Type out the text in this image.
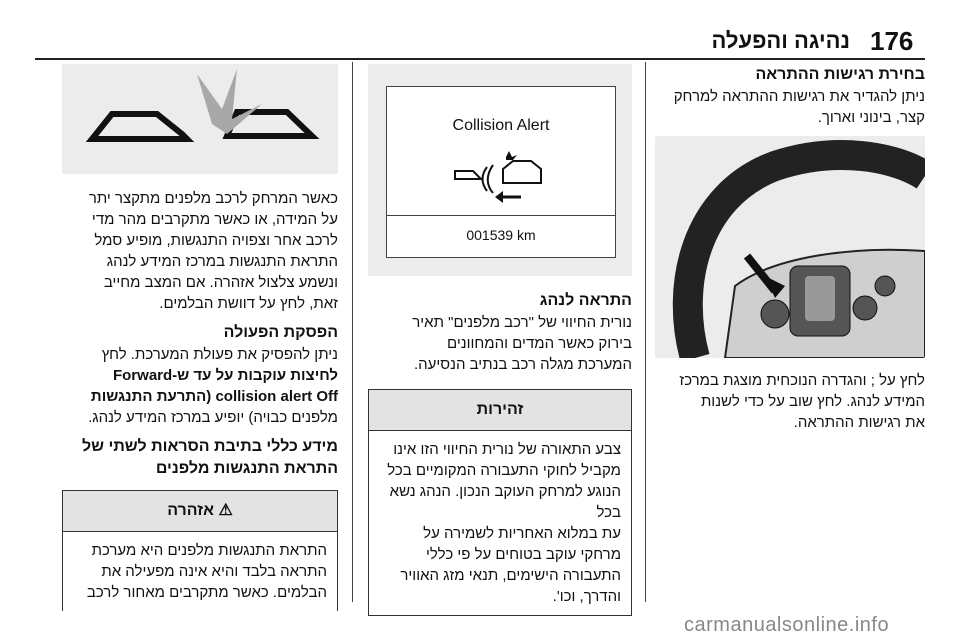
176
נהיגה והפעלה

בחירת רגישות ההתראה

ניתן להגדיר את רגישות ההתראה למרחק

קצר, בינוני וארוך.

לחץ על ; והגדרה הנוכחית מוצגת במרכז

המידע לנהג. לחץ שוב על כדי לשנות

את רגישות ההתראה.

Collision Alert
001539 km

התראה לנהג

נורית החיווי של "רכב מלפנים" תאיר

בירוק כאשר המדים והמחוונים

המערכת מגלה רכב בנתיב הנסיעה.

זהירות

צבע התאורה של נורית החיווי הזו אינו

מקביל לחוקי התעבורה המקומיים בכל

הנוגע למרחק העוקב הנכון. הנהג נשא בכל

עת במלוא האחריות לשמירה על

מרחקי עוקב בטוחים על פי כללי

התעבורה הישימים, תנאי מזג האוויר

והדרך, וכו'.

כאשר המרחק לרכב מלפנים מתקצר יתר

על המידה, או כאשר מתקרבים מהר מדי

לרכב אחר וצפויה התנגשות, מופיע סמל

התראת התנגשות במרכז המידע לנהג

ונשמע צלצול אזהרה. אם המצב מחייב

זאת, לחץ על דוושת הבלמים.

הפסקת הפעולה

ניתן להפסיק את פעולת המערכת. לחץ

לחיצות עוקבות על עד ש-Forward

collision alert Off (התרעת התנגשות

מלפנים כבויה) יופיע במרכז המידע לנהג.

מידע כללי בתיבת הסראות לשתי של

התראת התנגשות מלפנים

⚠ אזהרה

התראת התנגשות מלפנים היא מערכת

התראה בלבד והיא אינה מפעילה את

הבלמים. כאשר מתקרבים מאחור לרכב

carmanualsonline.info
